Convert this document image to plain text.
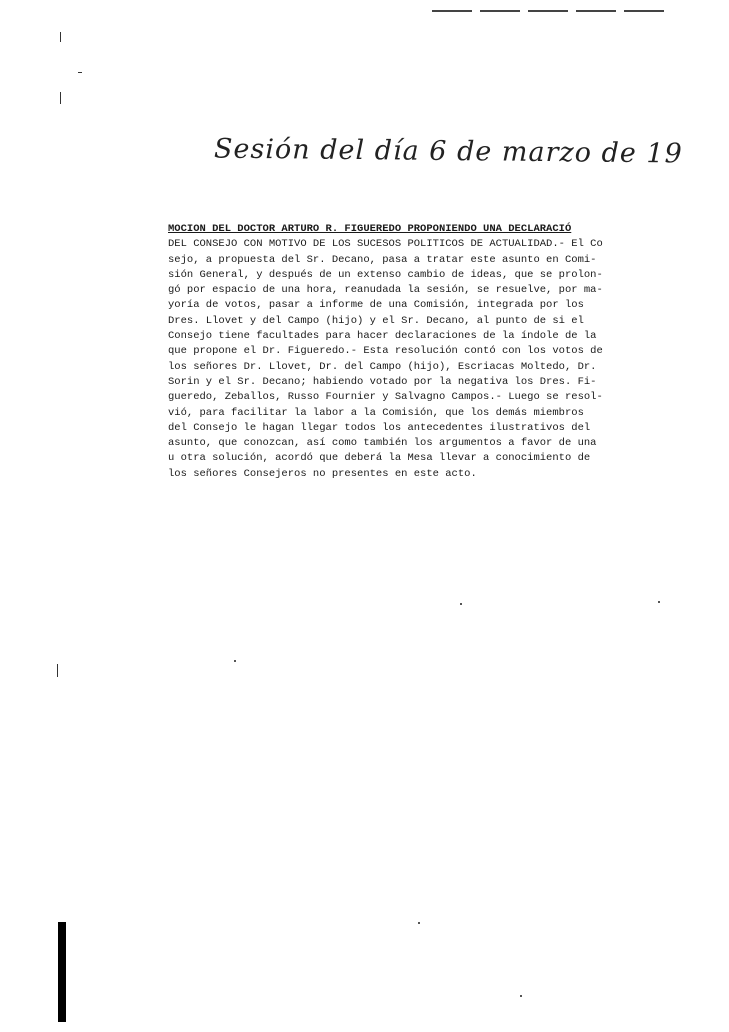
Sesión del día 6 de marzo de 19
MOCION DEL DOCTOR ARTURO R. FIGUEREDO PROPONIENDO UNA DECLARACIÓ
DEL CONSEJO CON MOTIVO DE LOS SUCESOS POLITICOS DE ACTUALIDAD.- El Co
sejo, a propuesta del Sr. Decano, pasa a tratar este asunto en Comi-
sión General, y después de un extenso cambio de ideas, que se prolon-
gó por espacio de una hora, reanudada la sesión, se resuelve, por ma-
yoría de votos, pasar a informe de una Comisión, integrada por los
Dres. Llovet y del Campo (hijo) y el Sr. Decano, al punto de si el
Consejo tiene facultades para hacer declaraciones de la índole de la
que propone el Dr. Figueredo.- Esta resolución contó con los votos de
los señores Dr. Llovet, Dr. del Campo (hijo), Escriacas Moltedo, Dr.
Sorin y el Sr. Decano; habiendo votado por la negativa los Dres. Fi-
gueredo, Zeballos, Russo Fournier y Salvagno Campos.- Luego se resol-
vió, para facilitar la labor a la Comisión, que los demás miembros
del Consejo le hagan llegar todos los antecedentes ilustrativos del
asunto, que conozcan, así como también los argumentos a favor de una
u otra solución, acordó que deberá la Mesa llevar a conocimiento de
los señores Consejeros no presentes en este acto.
